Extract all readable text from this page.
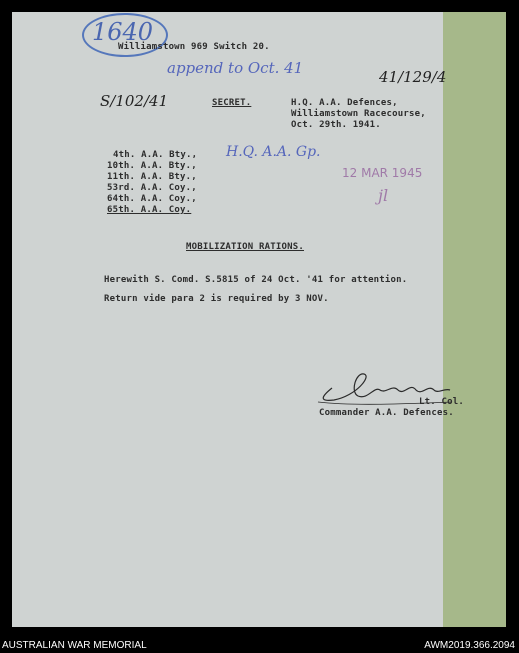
1640
Williamstown 969 Switch 20.
append to Oct. 41	41/129/4
S/102/41	SECRET.	H.Q. A.A. Defences,
Williamstown Racecourse,
Oct. 29th. 1941.
4th. A.A. Bty.,
10th. A.A. Bty.,
11th. A.A. Bty.,
53rd. A.A. Coy.,
64th. A.A. Coy.,
65th. A.A. Coy.
H.Q. A.A. Gp.
12 MAR 1945
jl
MOBILIZATION RATIONS.
Herewith S. Comd. S.5815 of 24 Oct. '41 for attention.
Return vide para 2 is required by 3 NOV.
Lt. Col.
Commander A.A. Defences.
AUSTRALIAN WAR MEMORIAL	AWM2019.366.2094
